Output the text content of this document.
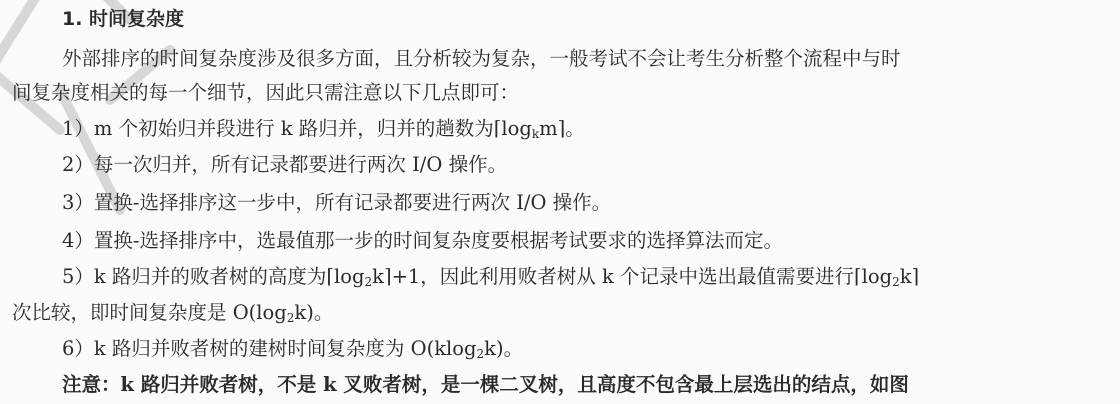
1. 时间复杂度
外部排序的时间复杂度涉及很多方面，且分析较为复杂，一般考试不会让考生分析整个流程中与时
间复杂度相关的每一个细节，因此只需注意以下几点即可：
1）m 个初始归并段进行 k 路归并，归并的趟数为$⌈\log_km⌉$。
2）每一次归并，所有记录都要进行两次 I/O 操作。
3）置换-选择排序这一步中，所有记录都要进行两次 I/O 操作。
4）置换-选择排序中，选最值那一步的时间复杂度要根据考试要求的选择算法而定。
5）k 路归并的败者树的高度为$⌈\log_2k⌉+1$，因此利用败者树从 k 个记录中选出最值需要进行$⌈\log_2k⌉$
次比较，即时间复杂度是 $O(\log_2k)$。
6）k 路归并败者树的建树时间复杂度为 O(klog$_2$k)。
注意：k 路归并败者树，不是 k 叉败者树，是一棵二叉树，且高度不包含最上层选出的结点，如图
